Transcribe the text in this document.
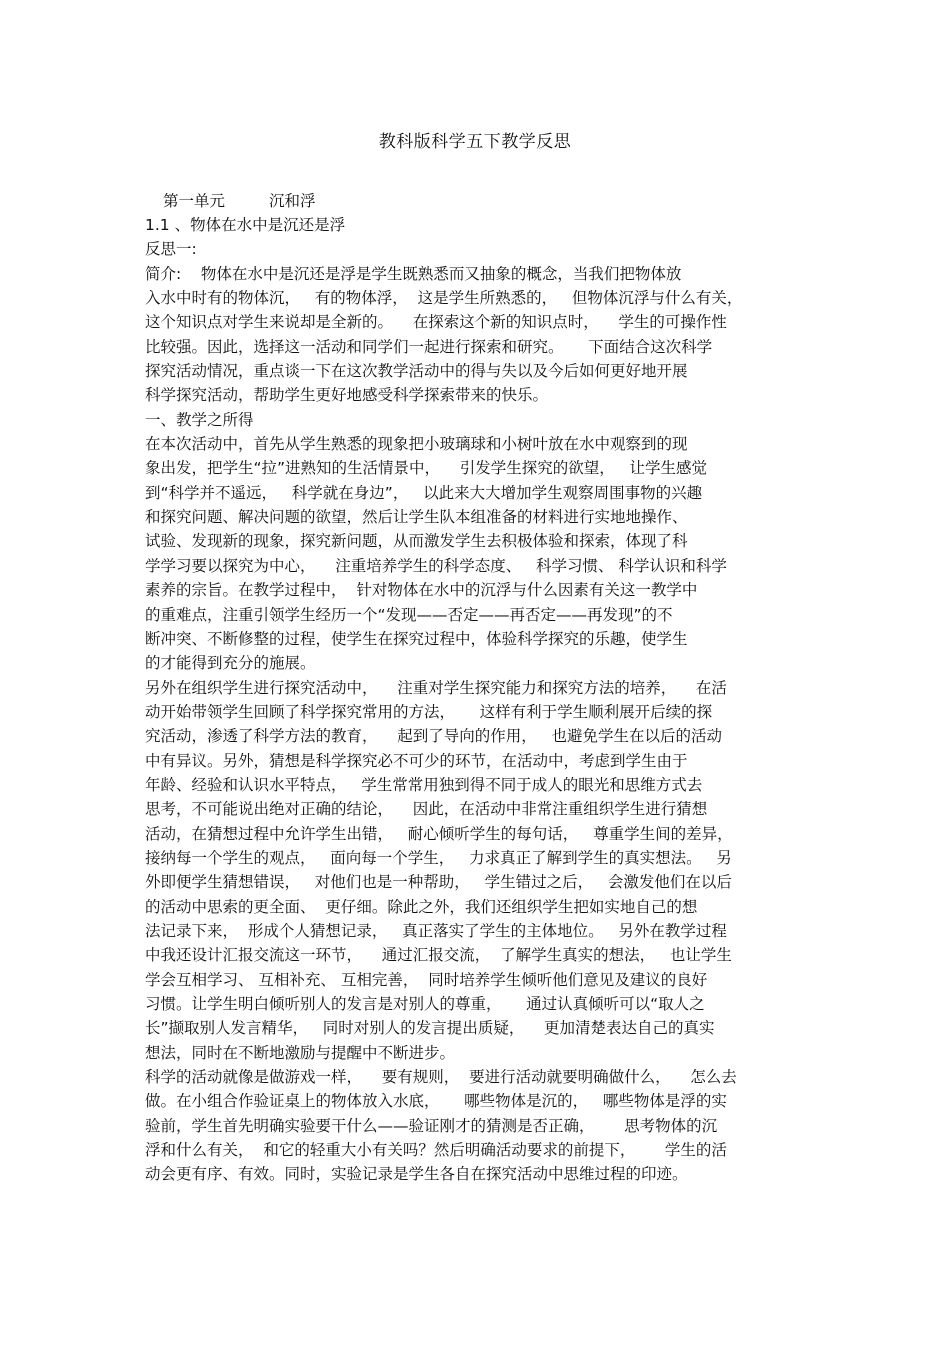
教科版科学五下教学反思
第一单元	沉和浮
1.1 、物体在水中是沉还是浮
反思一:
简介:    物体在水中是沉还是浮是学生既熟悉而又抽象的概念，当我们把物体放
入水中时有的物体沉，   有的物体浮，  这是学生所熟悉的，   但物体沉浮与什么有关，
这个知识点对学生来说却是全新的。    在探索这个新的知识点时，    学生的可操作性
比较强。因此，选择这一活动和同学们一起进行探索和研究。     下面结合这次科学
探究活动情况，重点谈一下在这次教学活动中的得与失以及今后如何更好地开展
科学探究活动，帮助学生更好地感受科学探索带来的快乐。
一、教学之所得
在本次活动中，首先从学生熟悉的现象把小玻璃球和小树叶放在水中观察到的现
象出发，把学生“拉”进熟知的生活情景中，    引发学生探究的欲望，   让学生感觉
到“科学并不遥远，   科学就在身边”，   以此来大大增加学生观察周围事物的兴趣
和探究问题、解决问题的欲望，然后让学生队本组准备的材料进行实地地操作、
试验、发现新的现象，探究新问题，从而激发学生去积极体验和探索，体现了科
学学习要以探究为中心，    注重培养学生的科学态度、   科学习惯、 科学认识和科学
素养的宗旨。在教学过程中，  针对物体在水中的沉浮与什么因素有关这一教学中
的重难点，注重引领学生经历一个“发现——否定——再否定——再发现”的不
断冲突、不断修整的过程，使学生在探究过程中，体验科学探究的乐趣，使学生
的才能得到充分的施展。
另外在组织学生进行探究活动中，    注重对学生探究能力和探究方法的培养，    在活
动开始带领学生回顾了科学探究常用的方法，     这样有利于学生顺利展开后续的探
究活动，渗透了科学方法的教育，    起到了导向的作用，   也避免学生在以后的活动
中有异议。另外，猜想是科学探究必不可少的环节，在活动中，考虑到学生由于
年龄、经验和认识水平特点，   学生常常用独到得不同于成人的眼光和思维方式去
思考，不可能说出绝对正确的结论，    因此，在活动中非常注重组织学生进行猜想
活动，在猜想过程中允许学生出错，   耐心倾听学生的每句话，   尊重学生间的差异，
接纳每一个学生的观点，   面向每一个学生，   力求真正了解到学生的真实想法。   另
外即便学生猜想错误，   对他们也是一种帮助，   学生错过之后，   会激发他们在以后
的活动中思索的更全面、  更仔细。除此之外，我们还组织学生把如实地自己的想
法记录下来，  形成个人猜想记录，   真正落实了学生的主体地位。   另外在教学过程
中我还设计汇报交流这一环节，    通过汇报交流，  了解学生真实的想法，   也让学生
学会互相学习、 互相补充、 互相完善，  同时培养学生倾听他们意见及建议的良好
习惯。让学生明白倾听别人的发言是对别人的尊重，     通过认真倾听可以“取人之
长”撷取别人发言精华，   同时对别人的发言提出质疑，    更加清楚表达自己的真实
想法，同时在不断地激励与提醒中不断进步。
科学的活动就像是做游戏一样，    要有规则，  要进行活动就要明确做什么，    怎么去
做。在小组合作验证桌上的物体放入水底，     哪些物体是沉的，   哪些物体是浮的实
验前，学生首先明确实验要干什么——验证刚才的猜测是否正确，      思考物体的沉
浮和什么有关，  和它的轻重大小有关吗？然后明确活动要求的前提下，      学生的活
动会更有序、有效。同时，实验记录是学生各自在探究活动中思维过程的印迹。
